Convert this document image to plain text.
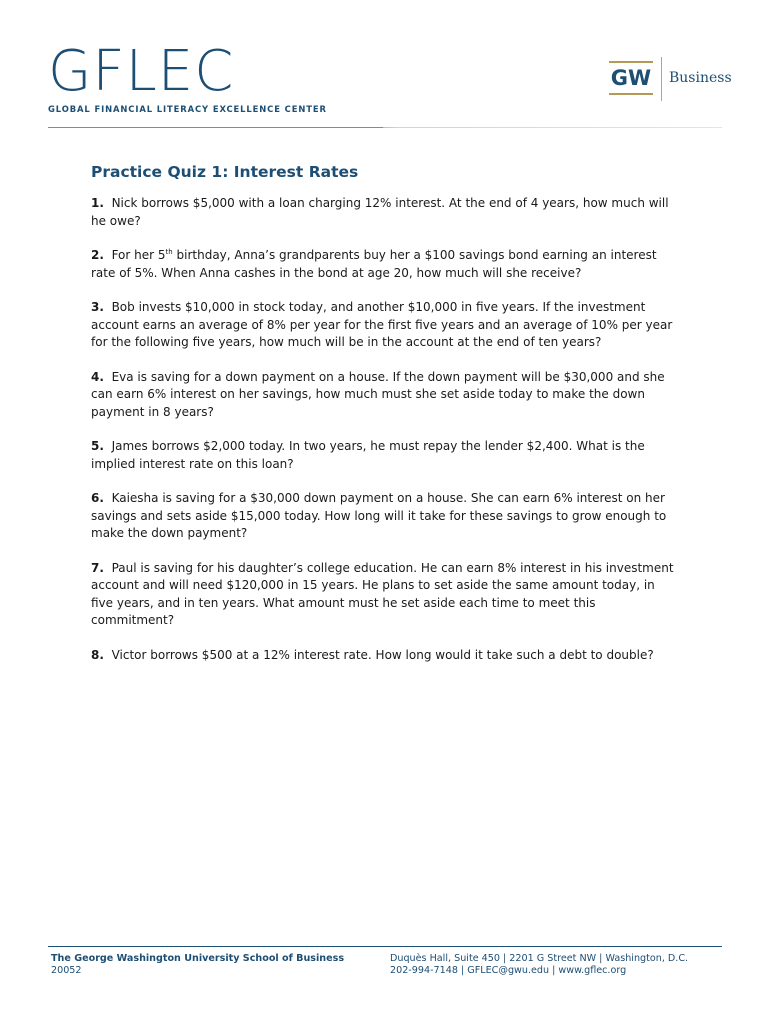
GFLEC
GLOBAL FINANCIAL LITERACY EXCELLENCE CENTER
GW Business
Practice Quiz 1: Interest Rates

1. Nick borrows $5,000 with a loan charging 12% interest. At the end of 4 years, how much will he owe?

2. For her 5th birthday, Anna’s grandparents buy her a $100 savings bond earning an interest rate of 5%. When Anna cashes in the bond at age 20, how much will she receive?

3. Bob invests $10,000 in stock today, and another $10,000 in five years. If the investment account earns an average of 8% per year for the first five years and an average of 10% per year for the following five years, how much will be in the account at the end of ten years?

4. Eva is saving for a down payment on a house. If the down payment will be $30,000 and she can earn 6% interest on her savings, how much must she set aside today to make the down payment in 8 years?

5. James borrows $2,000 today. In two years, he must repay the lender $2,400. What is the implied interest rate on this loan?

6. Kaiesha is saving for a $30,000 down payment on a house. She can earn 6% interest on her savings and sets aside $15,000 today. How long will it take for these savings to grow enough to make the down payment?

7. Paul is saving for his daughter’s college education. He can earn 8% interest in his investment account and will need $120,000 in 15 years. He plans to set aside the same amount today, in five years, and in ten years. What amount must he set aside each time to meet this commitment?

8. Victor borrows $500 at a 12% interest rate. How long would it take such a debt to double?

The George Washington University School of Business
20052
Duquès Hall, Suite 450 | 2201 G Street NW | Washington, D.C.
202-994-7148 | GFLEC@gwu.edu | www.gflec.org
